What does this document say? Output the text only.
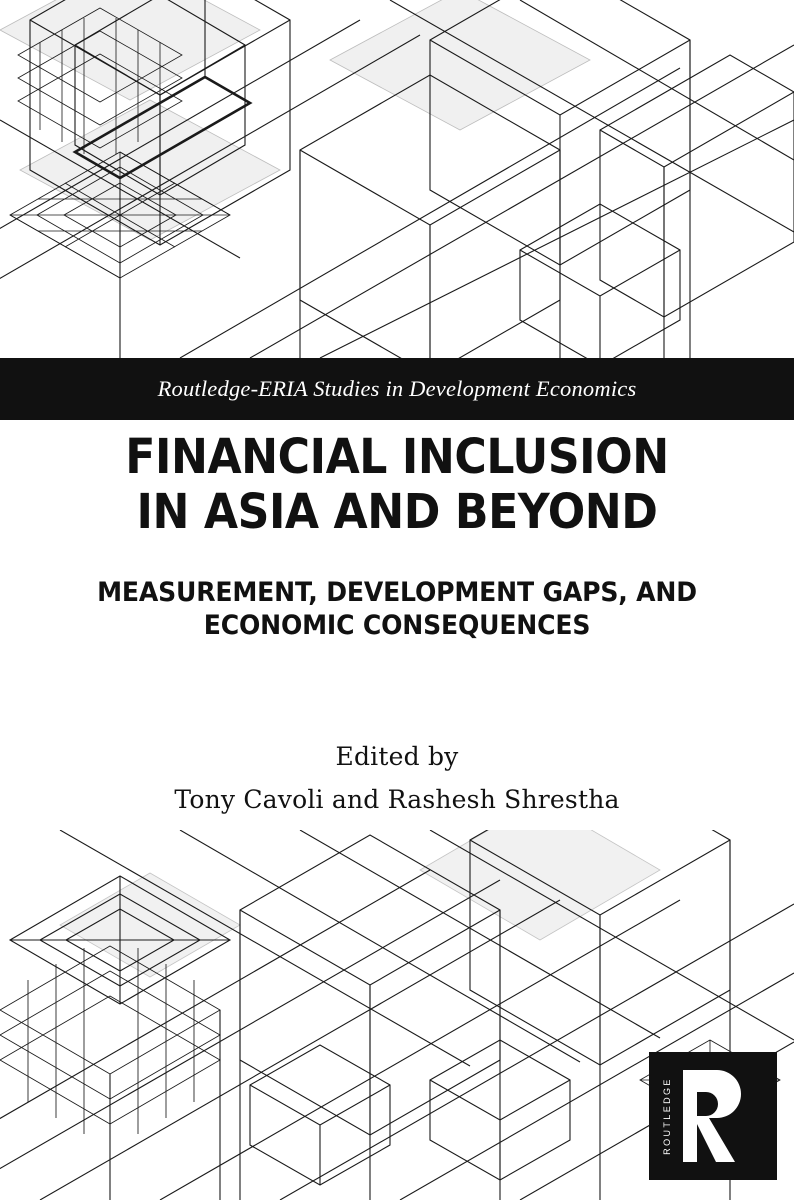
Routledge-ERIA Studies in Development Economics
FINANCIAL INCLUSION
IN ASIA AND BEYOND
MEASUREMENT, DEVELOPMENT GAPS, AND
ECONOMIC CONSEQUENCES

Edited by

Tony Cavoli and Rashesh Shrestha

ROUTLEDGE
